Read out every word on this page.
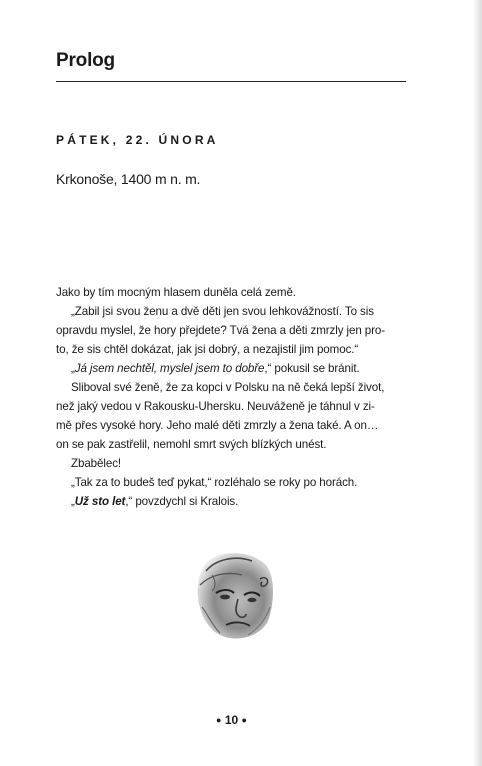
Prolog
PÁTEK, 22. ÚNORA
Krkonoše, 1400 m n. m.

Jako by tím mocným hlasem duněla celá země.

„Zabil jsi svou ženu a dvě děti jen svou lehkovážností. To sis

opravdu myslel, že hory přejdete? Tvá žena a děti zmrzly jen pro-

to, že sis chtěl dokázat, jak jsi dobrý, a nezajistil jim pomoc.“

„Já jsem nechtěl, myslel jsem to dobře,“ pokusil se bránit.

Sliboval své ženě, že za kopci v Polsku na ně čeká lepší život,

než jaký vedou v Rakousku-Uhersku. Neuváženě je táhnul v zi-

mě přes vysoké hory. Jeho malé děti zmrzly a žena také. A on…

on se pak zastřelil, nemohl smrt svých blízkých unést.

Zbabělec!

„Tak za to budeš teď pykat,“ rozléhalo se roky po horách.

„Už sto let,“ povzdychl si Kralois.

● 10 ●
